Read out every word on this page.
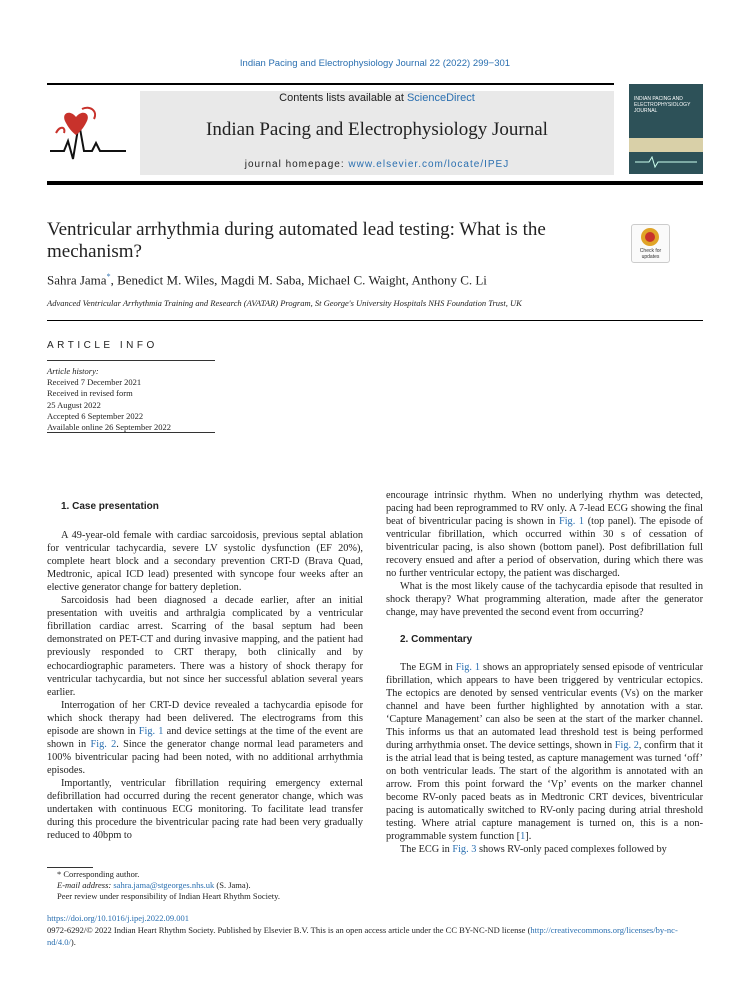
Indian Pacing and Electrophysiology Journal 22 (2022) 299−301
Contents lists available at ScienceDirect
Indian Pacing and Electrophysiology Journal
journal homepage: www.elsevier.com/locate/IPEJ
INDIAN PACING AND ELECTROPHYSIOLOGY JOURNAL
Ventricular arrhythmia during automated lead testing: What is the mechanism?	Check for updates
Sahra Jama*, Benedict M. Wiles, Magdi M. Saba, Michael C. Waight, Anthony C. Li
Advanced Ventricular Arrhythmia Training and Research (AVATAR) Program, St George's University Hospitals NHS Foundation Trust, UK
ARTICLE INFO
Article history:
Received 7 December 2021
Received in revised form
25 August 2022
Accepted 6 September 2022
Available online 26 September 2022

1. Case presentation

A 49-year-old female with cardiac sarcoidosis, previous septal ablation for ventricular tachycardia, severe LV systolic dysfunction (EF 20%), complete heart block and a secondary prevention CRT-D (Brava Quad, Medtronic, apical ICD lead) presented with syncope four weeks after an elective generator change for battery depletion.

Sarcoidosis had been diagnosed a decade earlier, after an initial presentation with uveitis and arthralgia complicated by a ventricular fibrillation cardiac arrest. Scarring of the basal septum had been demonstrated on PET-CT and during invasive mapping, and the patient had previously responded to CRT therapy, both clinically and by echocardiographic parameters. There was a history of shock therapy for ventricular tachycardia, but not since her successful ablation several years earlier.

Interrogation of her CRT-D device revealed a tachycardia episode for which shock therapy had been delivered. The electrograms from this episode are shown in Fig. 1 and device settings at the time of the event are shown in Fig. 2. Since the generator change normal lead parameters and 100% biventricular pacing had been noted, with no additional arrhythmia episodes.

Importantly, ventricular fibrillation requiring emergency external defibrillation had occurred during the recent generator change, which was undertaken with continuous ECG monitoring. To facilitate lead transfer during this procedure the biventricular pacing rate had been very gradually reduced to 40bpm to

encourage intrinsic rhythm. When no underlying rhythm was detected, pacing had been reprogrammed to RV only. A 7-lead ECG showing the final beat of biventricular pacing is shown in Fig. 1 (top panel). The episode of ventricular fibrillation, which occurred within 30 s of cessation of biventricular pacing, is also shown (bottom panel). Post defibrillation full recovery ensued and after a period of observation, during which there was no further ventricular ectopy, the patient was discharged.

What is the most likely cause of the tachycardia episode that resulted in shock therapy? What programming alteration, made after the generator change, may have prevented the second event from occurring?

2. Commentary

The EGM in Fig. 1 shows an appropriately sensed episode of ventricular fibrillation, which appears to have been triggered by ventricular ectopics. The ectopics are denoted by sensed ventricular events (Vs) on the marker channel and have been further highlighted by annotation with a star. ‘Capture Management’ can also be seen at the start of the marker channel. This informs us that an automated lead threshold test is being performed during arrhythmia onset. The device settings, shown in Fig. 2, confirm that it is the atrial lead that is being tested, as capture management was turned ‘off’ on both ventricular leads. The start of the algorithm is annotated with an arrow. From this point forward the ‘Vp’ events on the marker channel become RV-only paced beats as in Medtronic CRT devices, biventricular pacing is automatically switched to RV-only pacing during atrial threshold testing. Where atrial capture management is turned on, this is a non-programmable system function [1].

The ECG in Fig. 3 shows RV-only paced complexes followed by

* Corresponding author.
E-mail address: sahra.jama@stgeorges.nhs.uk (S. Jama).
Peer review under responsibility of Indian Heart Rhythm Society.
https://doi.org/10.1016/j.ipej.2022.09.001
0972-6292/© 2022 Indian Heart Rhythm Society. Published by Elsevier B.V. This is an open access article under the CC BY-NC-ND license (http://creativecommons.org/licenses/by-nc-nd/4.0/).
